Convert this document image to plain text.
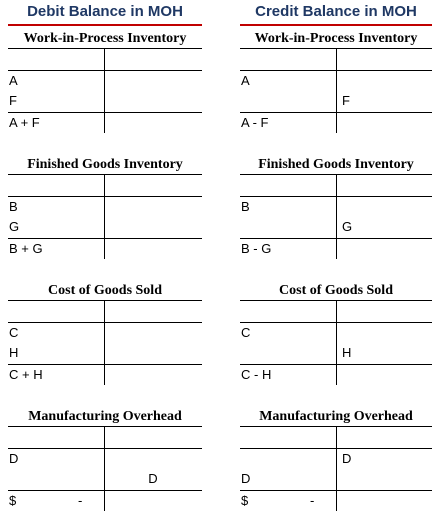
Debit Balance in MOH
Work-in-Process Inventory
A
F
A + F
Finished Goods Inventory
B
G
B + G
Cost of Goods Sold
C
H
C + H
Manufacturing Overhead
D
D
$	-
Credit Balance in MOH
Work-in-Process Inventory
A
F
A - F
Finished Goods Inventory
B
G
B - G
Cost of Goods Sold
C
H
C - H
Manufacturing Overhead
D
D
$	-
